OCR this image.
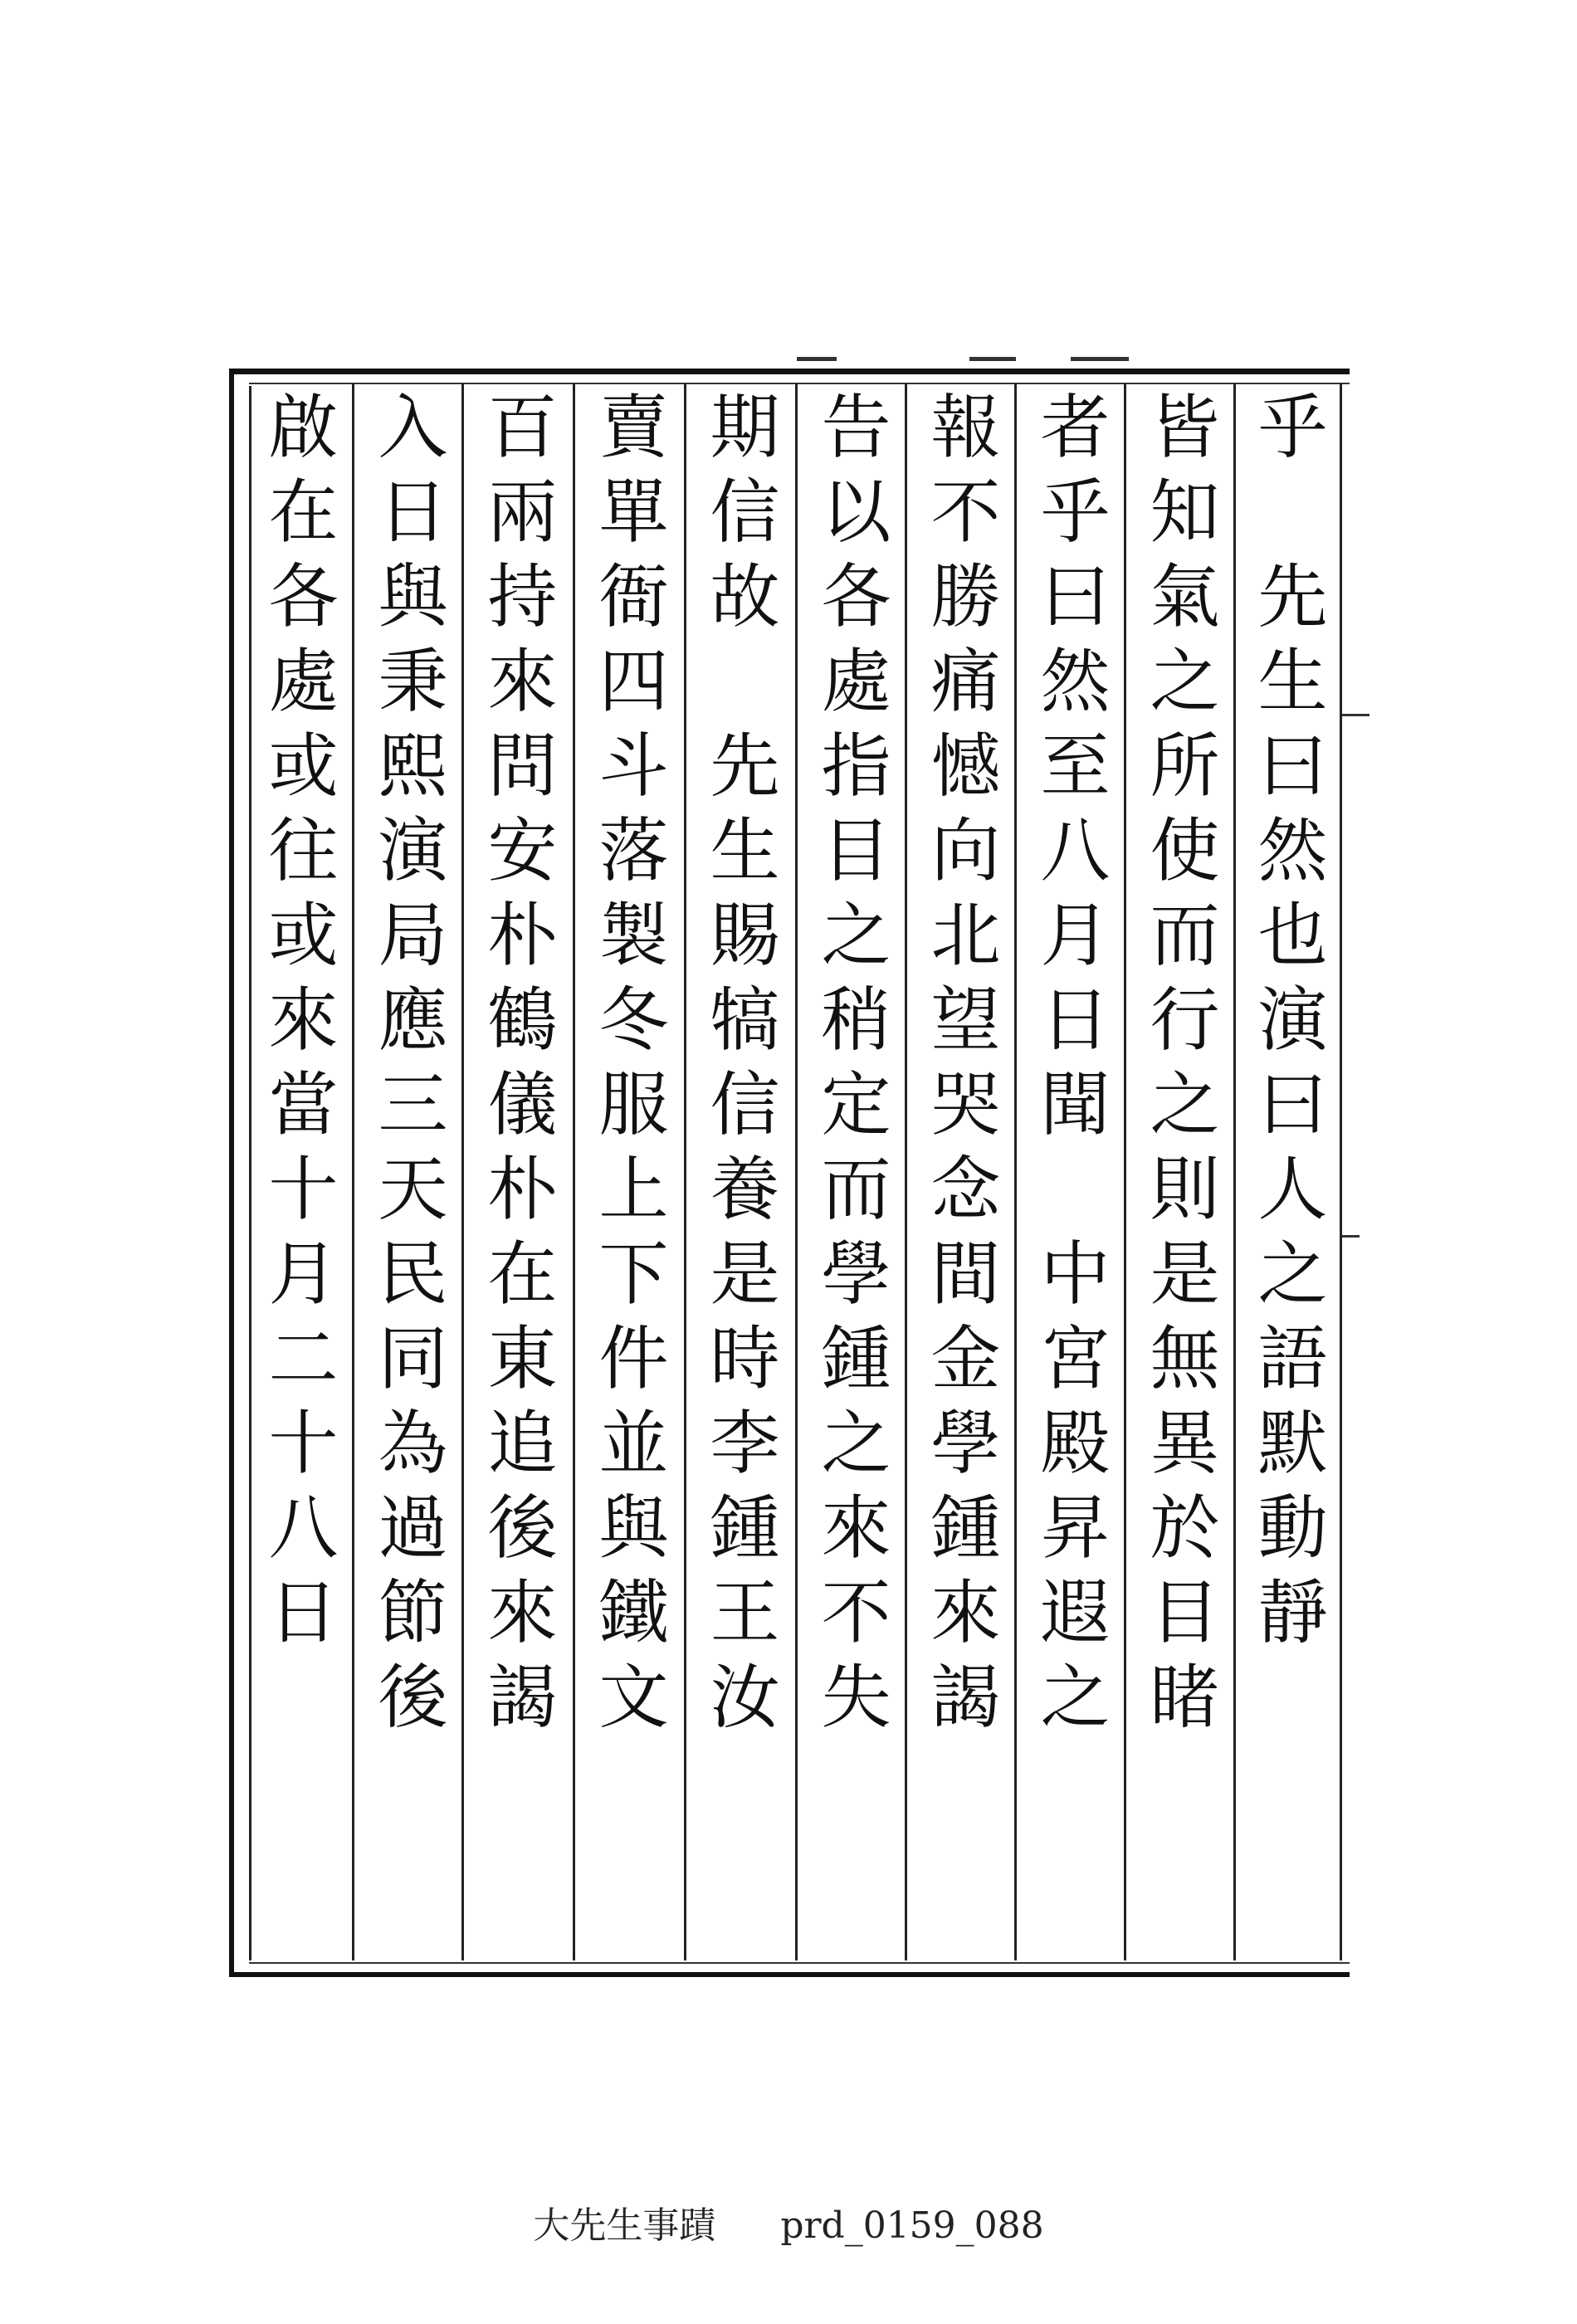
乎　先生曰然也演曰人之語默動靜
皆知氣之所使而行之則是無異於目睹
者乎曰然至八月日聞　中宮殿昇遐之
報不勝痛憾向北望哭念間金學鍾來謁
告以各處指目之稍定而學鍾之來不失
期信故　先生賜犒信養是時李鍾王汝
賣單衙四斗落製冬服上下件並與鐵文
百兩持來問安朴鶴儀朴在東追後來謁
入日與秉熙演局應三天民同為過節後
啟在各處或往或來當十月二十八日
大先生事蹟 prd_0159_088
